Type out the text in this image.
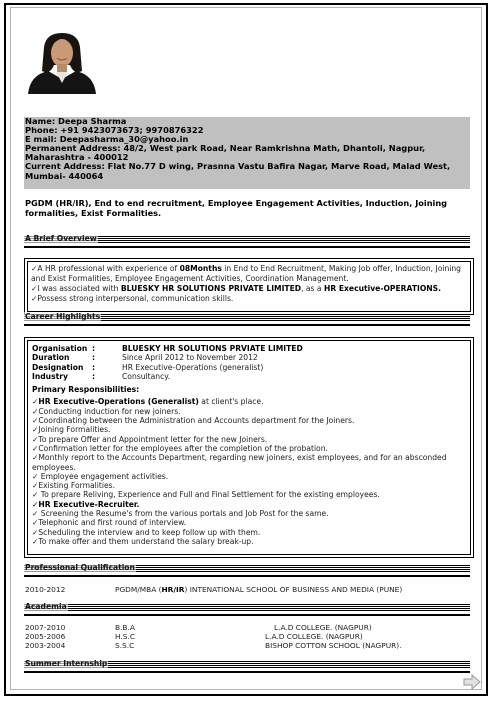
Name: Deepa Sharma
Phone: +91 9423073673; 9970876322
E mail: Deepasharma_30@yahoo.in
Permanent Address: 48/2, West park Road, Near Ramkrishna Math, Dhantoli, Nagpur, Maharashtra - 400012
Current Address: Flat No.77 D wing, Prasnna Vastu Bafira Nagar, Marve Road, Malad West, Mumbai- 440064
PGDM (HR/IR), End to end recruitment, Employee Engagement Activities, Induction, Joining formalities, Exist Formalities.
A Brief Overview
✓A HR professional with experience of 08Months in End to End Recruitment, Making Job offer, Induction, Joining and Exist Formalities, Employee Engagement Activities, Coordination Management.
✓I was associated with BLUESKY HR SOLUTIONS PRIVATE LIMITED, as a HR Executive-OPERATIONS.
✓Possess strong interpersonal, communication skills.
Career Highlights
Organisation :	BLUESKY HR SOLUTIONS PRVIATE LIMITED
Duration	:	Since April 2012 to November 2012
Designation	:	HR Executive-Operations (generalist)
Industry	:	Consultancy.
Primary Responsibilities:
✓HR Executive-Operations (Generalist) at client's place.
✓Conducting induction for new joiners.
✓Coordinating between the Administration and Accounts department for the Joiners.
✓Joining Formalities.
✓To prepare Offer and Appointment letter for the new Joiners.
✓Confirmation letter for the employees after the completion of the probation.
✓Monthly report to the Accounts Department, regarding new joiners, exist employees, and for an absconded employees.
✓ Employee engagement activities.
✓Existing Formalities.
✓ To prepare Reliving, Experience and Full and Final Settlement for the existing employees.
✓HR Executive-Recruiter.
✓ Screening the Resume's from the various portals and Job Post for the same.
✓Telephonic and first round of interview.
✓Scheduling the interview and to keep follow up with them.
✓To make offer and them understand the salary break-up.
Professional Qualification
2010-2012	PGDM/MBA (HR/IR) INTENATIONAL SCHOOL OF BUSINESS AND MEDIA (PUNE)
Academia
2007-2010	B.B.A	L.A.D COLLEGE. (NAGPUR)
2005-2006	H.S.C	L.A.D COLLEGE. (NAGPUR)
2003-2004	S.S.C	BISHOP COTTON SCHOOL (NAGPUR).
Summer Internship
